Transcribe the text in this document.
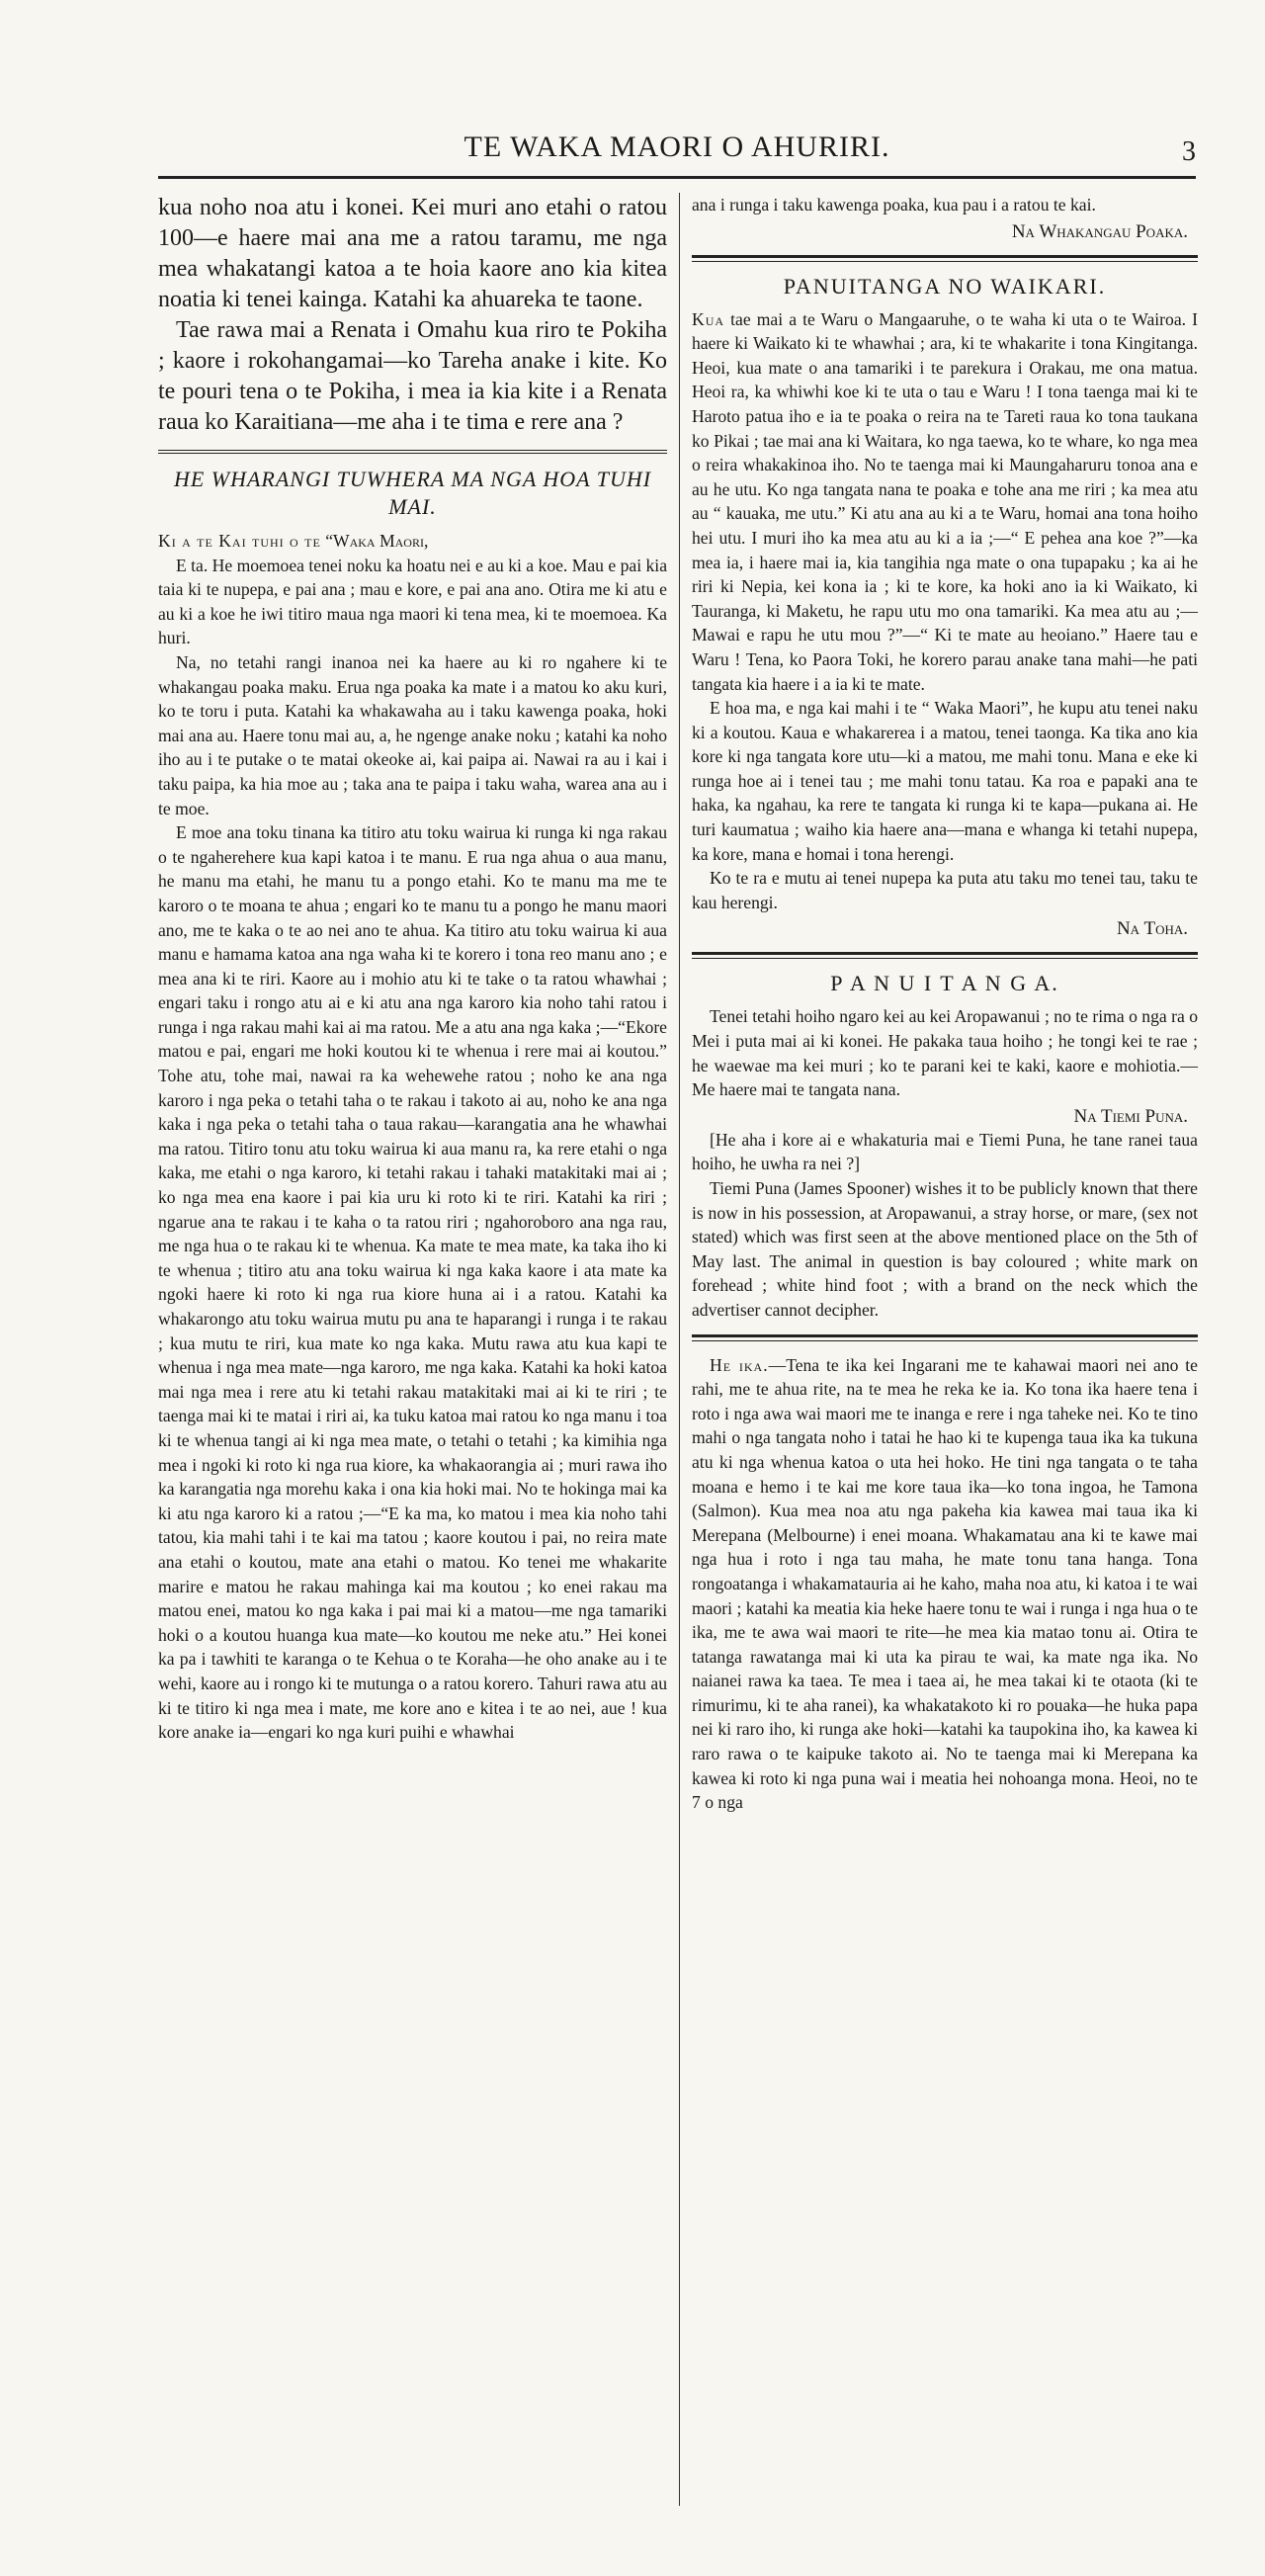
TE WAKA MAORI O AHURIRI.	3

kua noho noa atu i konei. Kei muri ano etahi o ratou 100—e haere mai ana me a ratou taramu, me nga mea whakatangi katoa a te hoia kaore ano kia kitea noatia ki tenei kainga. Katahi ka ahuareka te taone.

Tae rawa mai a Renata i Omahu kua riro te Pokiha ; kaore i rokohangamai—ko Tareha anake i kite. Ko te pouri tena o te Pokiha, i mea ia kia kite i a Renata raua ko Karaitiana—me aha i te tima e rere ana ?

HE WHARANGI TUWHERA MA NGA HOA TUHI MAI.

Ki a te Kai tuhi o te “Waka Maori,

E ta. He moemoea tenei noku ka hoatu nei e au ki a koe. Mau e pai kia taia ki te nupepa, e pai ana ; mau e kore, e pai ana ano. Otira me ki atu e au ki a koe he iwi titiro maua nga maori ki tena mea, ki te moemoea. Ka huri.

Na, no tetahi rangi inanoa nei ka haere au ki ro ngahere ki te whakangau poaka maku. Erua nga poaka ka mate i a matou ko aku kuri, ko te toru i puta. Katahi ka whakawaha au i taku kawenga poaka, hoki mai ana au. Haere tonu mai au, a, he ngenge anake noku ; katahi ka noho iho au i te putake o te matai okeoke ai, kai paipa ai. Nawai ra au i kai i taku paipa, ka hia moe au ; taka ana te paipa i taku waha, warea ana au i te moe.

E moe ana toku tinana ka titiro atu toku wairua ki runga ki nga rakau o te ngaherehere kua kapi katoa i te manu. E rua nga ahua o aua manu, he manu ma etahi, he manu tu a pongo etahi. Ko te manu ma me te karoro o te moana te ahua ; engari ko te manu tu a pongo he manu maori ano, me te kaka o te ao nei ano te ahua. Ka titiro atu toku wairua ki aua manu e hamama katoa ana nga waha ki te korero i tona reo manu ano ; e mea ana ki te riri. Kaore au i mohio atu ki te take o ta ratou whawhai ; engari taku i rongo atu ai e ki atu ana nga karoro kia noho tahi ratou i runga i nga rakau mahi kai ai ma ratou. Me a atu ana nga kaka ;—“Ekore matou e pai, engari me hoki koutou ki te whenua i rere mai ai koutou.” Tohe atu, tohe mai, nawai ra ka wehewehe ratou ; noho ke ana nga karoro i nga peka o tetahi taha o te rakau i takoto ai au, noho ke ana nga kaka i nga peka o tetahi taha o taua rakau—karangatia ana he whawhai ma ratou. Titiro tonu atu toku wairua ki aua manu ra, ka rere etahi o nga kaka, me etahi o nga karoro, ki tetahi rakau i tahaki matakitaki mai ai ; ko nga mea ena kaore i pai kia uru ki roto ki te riri. Katahi ka riri ; ngarue ana te rakau i te kaha o ta ratou riri ; ngahoroboro ana nga rau, me nga hua o te rakau ki te whenua. Ka mate te mea mate, ka taka iho ki te whenua ; titiro atu ana toku wairua ki nga kaka kaore i ata mate ka ngoki haere ki roto ki nga rua kiore huna ai i a ratou. Katahi ka whakarongo atu toku wairua mutu pu ana te haparangi i runga i te rakau ; kua mutu te riri, kua mate ko nga kaka. Mutu rawa atu kua kapi te whenua i nga mea mate—nga karoro, me nga kaka. Katahi ka hoki katoa mai nga mea i rere atu ki tetahi rakau matakitaki mai ai ki te riri ; te taenga mai ki te matai i riri ai, ka tuku katoa mai ratou ko nga manu i toa ki te whenua tangi ai ki nga mea mate, o tetahi o tetahi ; ka kimihia nga mea i ngoki ki roto ki nga rua kiore, ka whakaorangia ai ; muri rawa iho ka karangatia nga morehu kaka i ona kia hoki mai. No te hokinga mai ka ki atu nga karoro ki a ratou ;—“E ka ma, ko matou i mea kia noho tahi tatou, kia mahi tahi i te kai ma tatou ; kaore koutou i pai, no reira mate ana etahi o koutou, mate ana etahi o matou. Ko tenei me whakarite marire e matou he rakau mahinga kai ma koutou ; ko enei rakau ma matou enei, matou ko nga kaka i pai mai ki a matou—me nga tamariki hoki o a koutou huanga kua mate—ko koutou me neke atu.” Hei konei ka pa i tawhiti te karanga o te Kehua o te Koraha—he oho anake au i te wehi, kaore au i rongo ki te mutunga o a ratou korero. Tahuri rawa atu au ki te titiro ki nga mea i mate, me kore ano e kitea i te ao nei, aue ! kua kore anake ia—engari ko nga kuri puihi e whawhai

ana i runga i taku kawenga poaka, kua pau i a ratou te kai.

Na Whakangau Poaka.
PANUITANGA NO WAIKARI.

Kua tae mai a te Waru o Mangaaruhe, o te waha ki uta o te Wairoa. I haere ki Waikato ki te whawhai ; ara, ki te whakarite i tona Kingitanga. Heoi, kua mate o ana tamariki i te parekura i Orakau, me ona matua. Heoi ra, ka whiwhi koe ki te uta o tau e Waru ! I tona taenga mai ki te Haroto patua iho e ia te poaka o reira na te Tareti raua ko tona taukana ko Pikai ; tae mai ana ki Waitara, ko nga taewa, ko te whare, ko nga mea o reira whakakinoa iho. No te taenga mai ki Maungaharuru tonoa ana e au he utu. Ko nga tangata nana te poaka e tohe ana me riri ; ka mea atu au “ kauaka, me utu.” Ki atu ana au ki a te Waru, homai ana tona hoiho hei utu. I muri iho ka mea atu au ki a ia ;—“ E pehea ana koe ?”—ka mea ia, i haere mai ia, kia tangihia nga mate o ona tupapaku ; ka ai he riri ki Nepia, kei kona ia ; ki te kore, ka hoki ano ia ki Waikato, ki Tauranga, ki Maketu, he rapu utu mo ona tamariki. Ka mea atu au ;—Mawai e rapu he utu mou ?”—“ Ki te mate au heoiano.” Haere tau e Waru ! Tena, ko Paora Toki, he korero parau anake tana mahi—he pati tangata kia haere i a ia ki te mate.

E hoa ma, e nga kai mahi i te “ Waka Maori”, he kupu atu tenei naku ki a koutou. Kaua e whakarerea i a matou, tenei taonga. Ka tika ano kia kore ki nga tangata kore utu—ki a matou, me mahi tonu. Mana e eke ki runga hoe ai i tenei tau ; me mahi tonu tatau. Ka roa e papaki ana te haka, ka ngahau, ka rere te tangata ki runga ki te kapa—pukana ai. He turi kaumatua ; waiho kia haere ana—mana e whanga ki tetahi nupepa, ka kore, mana e homai i tona herengi.

Ko te ra e mutu ai tenei nupepa ka puta atu taku mo tenei tau, taku te kau herengi.

Na Toha.
P A N U I T A N G A.

Tenei tetahi hoiho ngaro kei au kei Aropawanui ; no te rima o nga ra o Mei i puta mai ai ki konei. He pakaka taua hoiho ; he tongi kei te rae ; he waewae ma kei muri ; ko te parani kei te kaki, kaore e mohiotia.—Me haere mai te tangata nana.

Na Tiemi Puna.

[He aha i kore ai e whakaturia mai e Tiemi Puna, he tane ranei taua hoiho, he uwha ra nei ?]

Tiemi Puna (James Spooner) wishes it to be publicly known that there is now in his possession, at Aropawanui, a stray horse, or mare, (sex not stated) which was first seen at the above mentioned place on the 5th of May last. The animal in question is bay coloured ; white mark on forehead ; white hind foot ; with a brand on the neck which the advertiser cannot decipher.

He ika.—Tena te ika kei Ingarani me te kahawai maori nei ano te rahi, me te ahua rite, na te mea he reka ke ia. Ko tona ika haere tena i roto i nga awa wai maori me te inanga e rere i nga taheke nei. Ko te tino mahi o nga tangata noho i tatai he hao ki te kupenga taua ika ka tukuna atu ki nga whenua katoa o uta hei hoko. He tini nga tangata o te taha moana e hemo i te kai me kore taua ika—ko tona ingoa, he Tamona (Salmon). Kua mea noa atu nga pakeha kia kawea mai taua ika ki Merepana (Melbourne) i enei moana. Whakamatau ana ki te kawe mai nga hua i roto i nga tau maha, he mate tonu tana hanga. Tona rongoatanga i whakamatauria ai he kaho, maha noa atu, ki katoa i te wai maori ; katahi ka meatia kia heke haere tonu te wai i runga i nga hua o te ika, me te awa wai maori te rite—he mea kia matao tonu ai. Otira te tatanga rawatanga mai ki uta ka pirau te wai, ka mate nga ika. No naianei rawa ka taea. Te mea i taea ai, he mea takai ki te otaota (ki te rimurimu, ki te aha ranei), ka whakatakoto ki ro pouaka—he huka papa nei ki raro iho, ki runga ake hoki—katahi ka taupokina iho, ka kawea ki raro rawa o te kaipuke takoto ai. No te taenga mai ki Merepana ka kawea ki roto ki nga puna wai i meatia hei nohoanga mona. Heoi, no te 7 o nga
